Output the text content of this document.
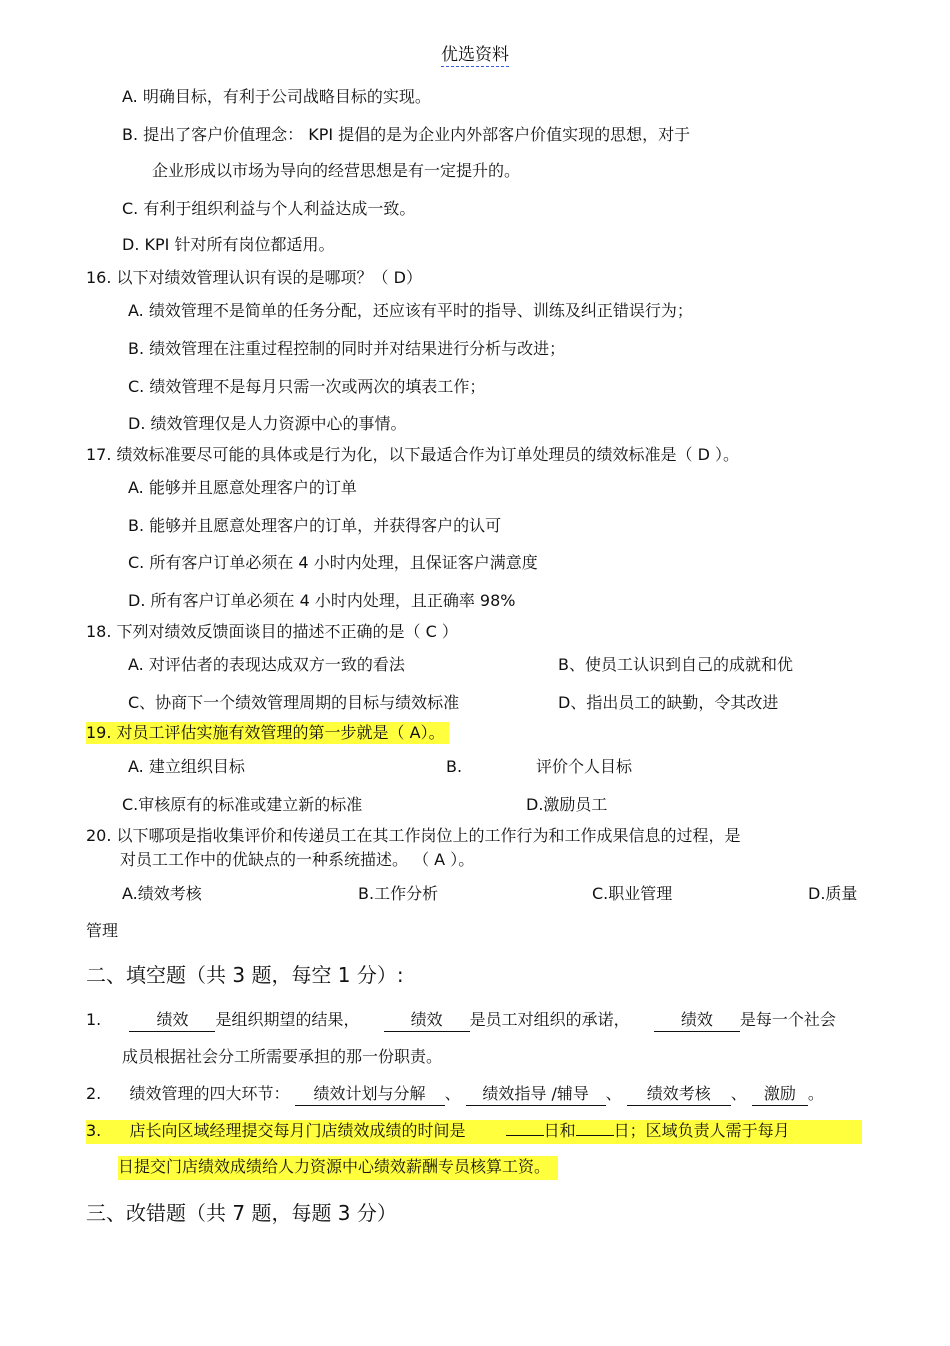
优选资料
A. 明确目标，有利于公司战略目标的实现。
B. 提出了客户价值理念： KPI 提倡的是为企业内外部客户价值实现的思想，对于
企业形成以市场为导向的经营思想是有一定提升的。
C. 有利于组织利益与个人利益达成一致。
D. KPI 针对所有岗位都适用。
16. 以下对绩效管理认识有误的是哪项？（ D）
A. 绩效管理不是简单的任务分配，还应该有平时的指导、训练及纠正错误行为；
B. 绩效管理在注重过程控制的同时并对结果进行分析与改进；
C. 绩效管理不是每月只需一次或两次的填表工作；
D. 绩效管理仅是人力资源中心的事情。
17. 绩效标准要尽可能的具体或是行为化，以下最适合作为订单处理员的绩效标准是（ D ）。
A. 能够并且愿意处理客户的订单
B. 能够并且愿意处理客户的订单，并获得客户的认可
C. 所有客户订单必须在 4 小时内处理，且保证客户满意度
D. 所有客户订单必须在 4 小时内处理，且正确率 98%
18. 下列对绩效反馈面谈目的描述不正确的是（ C ）
A. 对评估者的表现达成双方一致的看法	B、使员工认识到自己的成就和优
C、协商下一个绩效管理周期的目标与绩效标准	D、指出员工的缺勤，令其改进
19. 对员工评估实施有效管理的第一步就是（ A）。
A. 建立组织目标	B.	评价个人目标
C.审核原有的标准或建立新的标准	D.激励员工
20. 以下哪项是指收集评价和传递员工在其工作岗位上的工作行为和工作成果信息的过程，是
对员工工作中的优缺点的一种系统描述。 （ A ）。
A.绩效考核	B.工作分析	C.职业管理	D.质量
管理
二、填空题（共 3 题，每空 1 分）:
1.	绩效 是组织期望的结果，	绩效 是员工对组织的承诺，	绩效 是每一个社会
成员根据社会分工所需要承担的那一份职责。
2. 绩效管理的四大环节： 绩效计划与分解 、 绩效指导 /辅导 、 绩效考核 、 激励 。
3. 店长向区域经理提交每月门店绩效成绩的时间是	日和 日；区域负责人需于每月
日提交门店绩效成绩给人力资源中心绩效薪酬专员核算工资。
三、改错题（共 7 题，每题 3 分）
